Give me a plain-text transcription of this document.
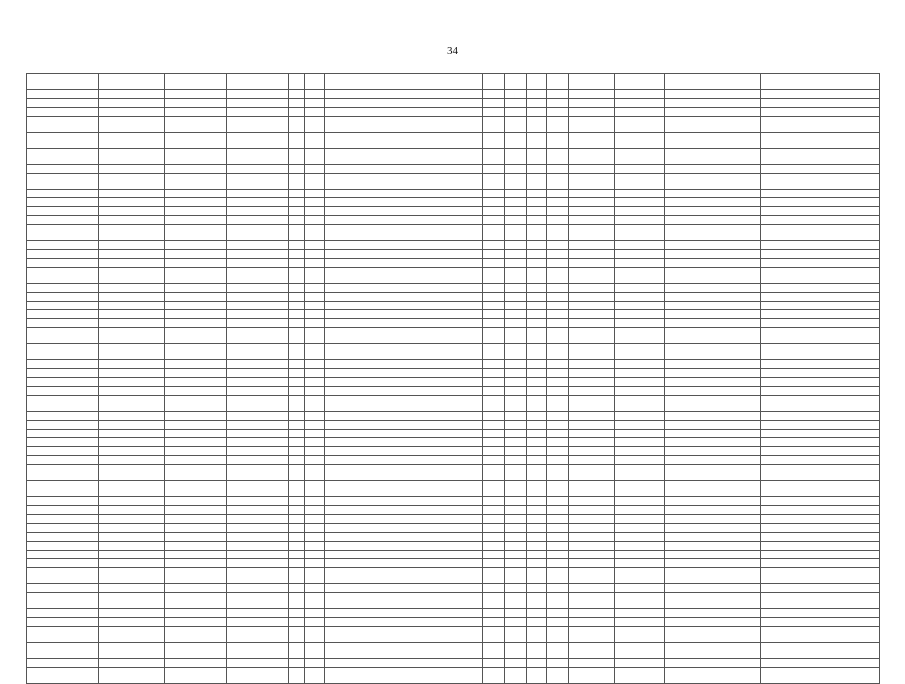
34
